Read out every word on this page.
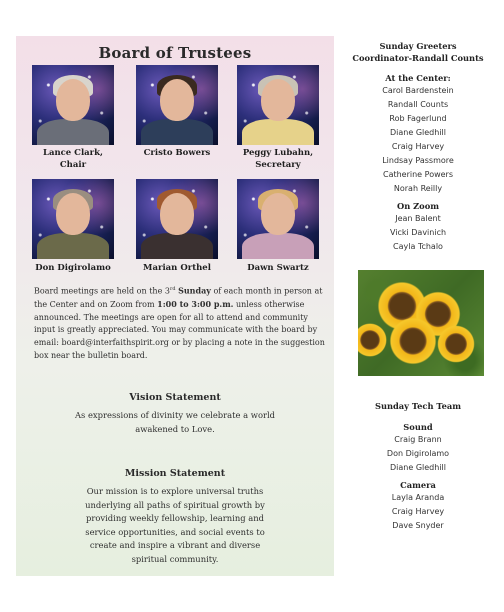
Board of Trustees
Lance Clark,
Chair
Cristo Bowers	Peggy Lubahn,
Secretary
Don Digirolamo	Marian Orthel	Dawn Swartz
Board meetings are held on the 3rd Sunday of each month in person at the Center and on Zoom from 1:00 to 3:00 p.m. unless otherwise announced. The meetings are open for all to attend and community input is greatly appreciated. You may communicate with the board by email: board@interfaithspirit.org or by placing a note in the suggestion box near the bulletin board.
Vision Statement
As expressions of divinity we celebrate a world awakened to Love.
Mission Statement
Our mission is to explore universal truths underlying all paths of spiritual growth by providing weekly fellowship, learning and service opportunities, and social events to create and inspire a vibrant and diverse spiritual community.
Sunday Greeters
Coordinator-Randall Counts
At the Center:
Carol Bardenstein
Randall Counts
Rob Fagerlund
Diane Gledhill
Craig Harvey
Lindsay Passmore
Catherine Powers
Norah Reilly
On Zoom
Jean Balent
Vicki Davinich
Cayla Tchalo
Sunday Tech Team
Sound
Craig Brann
Don Digirolamo
Diane Gledhill
Camera
Layla Aranda
Craig Harvey
Dave Snyder
